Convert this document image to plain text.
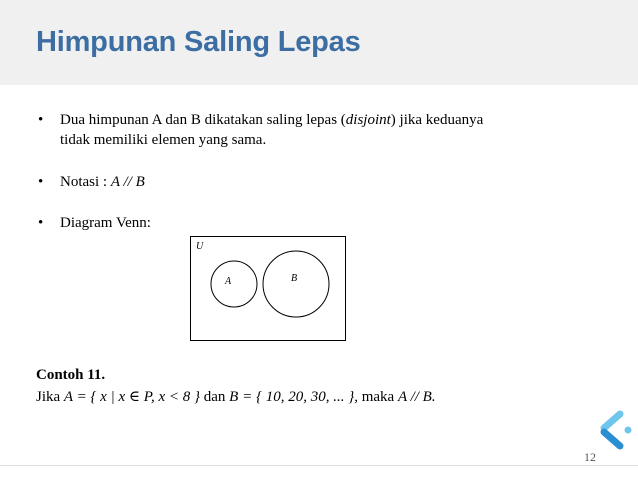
Himpunan Saling Lepas
• Dua himpunan A dan B dikatakan saling lepas (disjoint) jika keduanya
tidak memiliki elemen yang sama.
• Notasi : A // B
• Diagram Venn:
U
A	B
Contoh 11.
Jika A = { x | x ∈ P, x < 8 } dan B = { 10, 20, 30, ... }, maka A // B.
12
